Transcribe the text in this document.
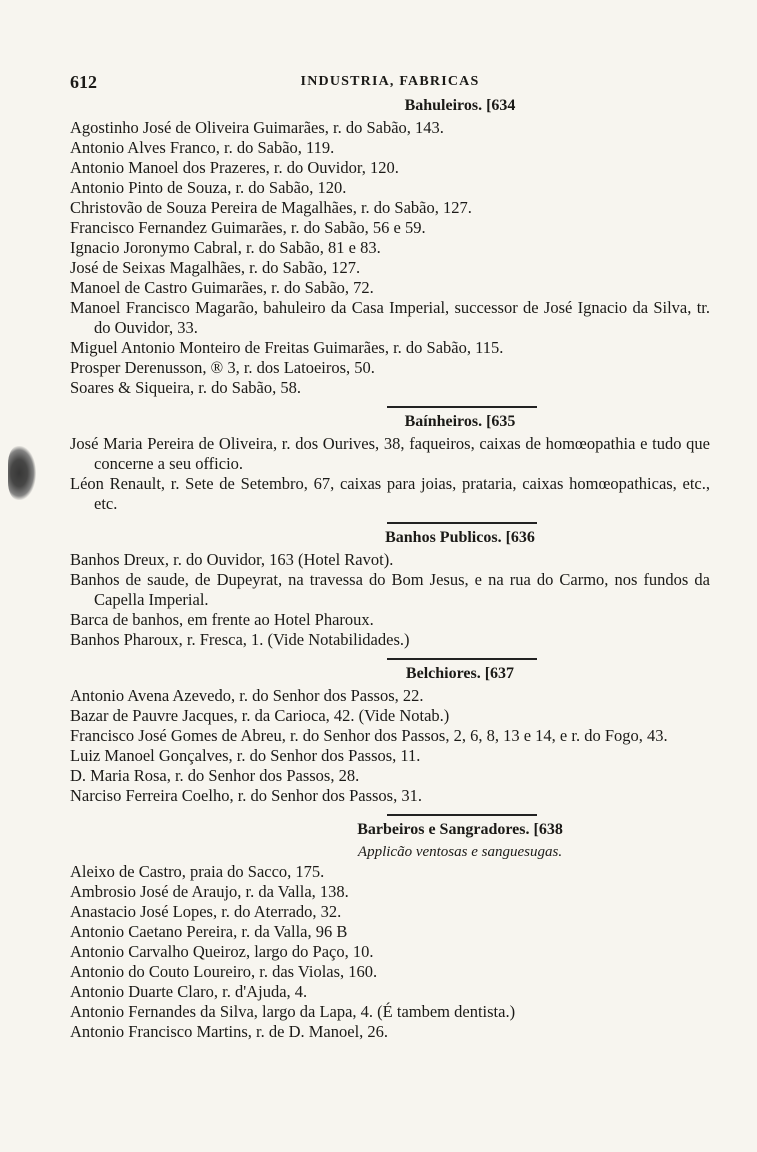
612	INDUSTRIA, FABRICAS
Bahuleiros. [634

Agostinho José de Oliveira Guimarães, r. do Sabão, 143.

Antonio Alves Franco, r. do Sabão, 119.

Antonio Manoel dos Prazeres, r. do Ouvidor, 120.

Antonio Pinto de Souza, r. do Sabão, 120.

Christovão de Souza Pereira de Magalhães, r. do Sabão, 127.

Francisco Fernandez Guimarães, r. do Sabão, 56 e 59.

Ignacio Joronymo Cabral, r. do Sabão, 81 e 83.

José de Seixas Magalhães, r. do Sabão, 127.

Manoel de Castro Guimarães, r. do Sabão, 72.

Manoel Francisco Magarão, bahuleiro da Casa Imperial, successor de José Ignacio da Silva, tr. do Ouvidor, 33.

Miguel Antonio Monteiro de Freitas Guimarães, r. do Sabão, 115.

Prosper Derenusson, ® 3, r. dos Latoeiros, 50.

Soares & Siqueira, r. do Sabão, 58.

Baínheiros. [635

José Maria Pereira de Oliveira, r. dos Ourives, 38, faqueiros, caixas de homœopathia e tudo que concerne a seu officio.

Léon Renault, r. Sete de Setembro, 67, caixas para joias, prataria, caixas homœopathicas, etc., etc.

Banhos Publicos. [636

Banhos Dreux, r. do Ouvidor, 163 (Hotel Ravot).

Banhos de saude, de Dupeyrat, na travessa do Bom Jesus, e na rua do Carmo, nos fundos da Capella Imperial.

Barca de banhos, em frente ao Hotel Pharoux.

Banhos Pharoux, r. Fresca, 1. (Vide Notabilidades.)

Belchiores. [637

Antonio Avena Azevedo, r. do Senhor dos Passos, 22.

Bazar de Pauvre Jacques, r. da Carioca, 42. (Vide Notab.)

Francisco José Gomes de Abreu, r. do Senhor dos Passos, 2, 6, 8, 13 e 14, e r. do Fogo, 43.

Luiz Manoel Gonçalves, r. do Senhor dos Passos, 11.

D. Maria Rosa, r. do Senhor dos Passos, 28.

Narciso Ferreira Coelho, r. do Senhor dos Passos, 31.

Barbeiros e Sangradores. [638
Applicão ventosas e sanguesugas.

Aleixo de Castro, praia do Sacco, 175.

Ambrosio José de Araujo, r. da Valla, 138.

Anastacio José Lopes, r. do Aterrado, 32.

Antonio Caetano Pereira, r. da Valla, 96 B

Antonio Carvalho Queiroz, largo do Paço, 10.

Antonio do Couto Loureiro, r. das Violas, 160.

Antonio Duarte Claro, r. d'Ajuda, 4.

Antonio Fernandes da Silva, largo da Lapa, 4. (É tambem dentista.)

Antonio Francisco Martins, r. de D. Manoel, 26.
